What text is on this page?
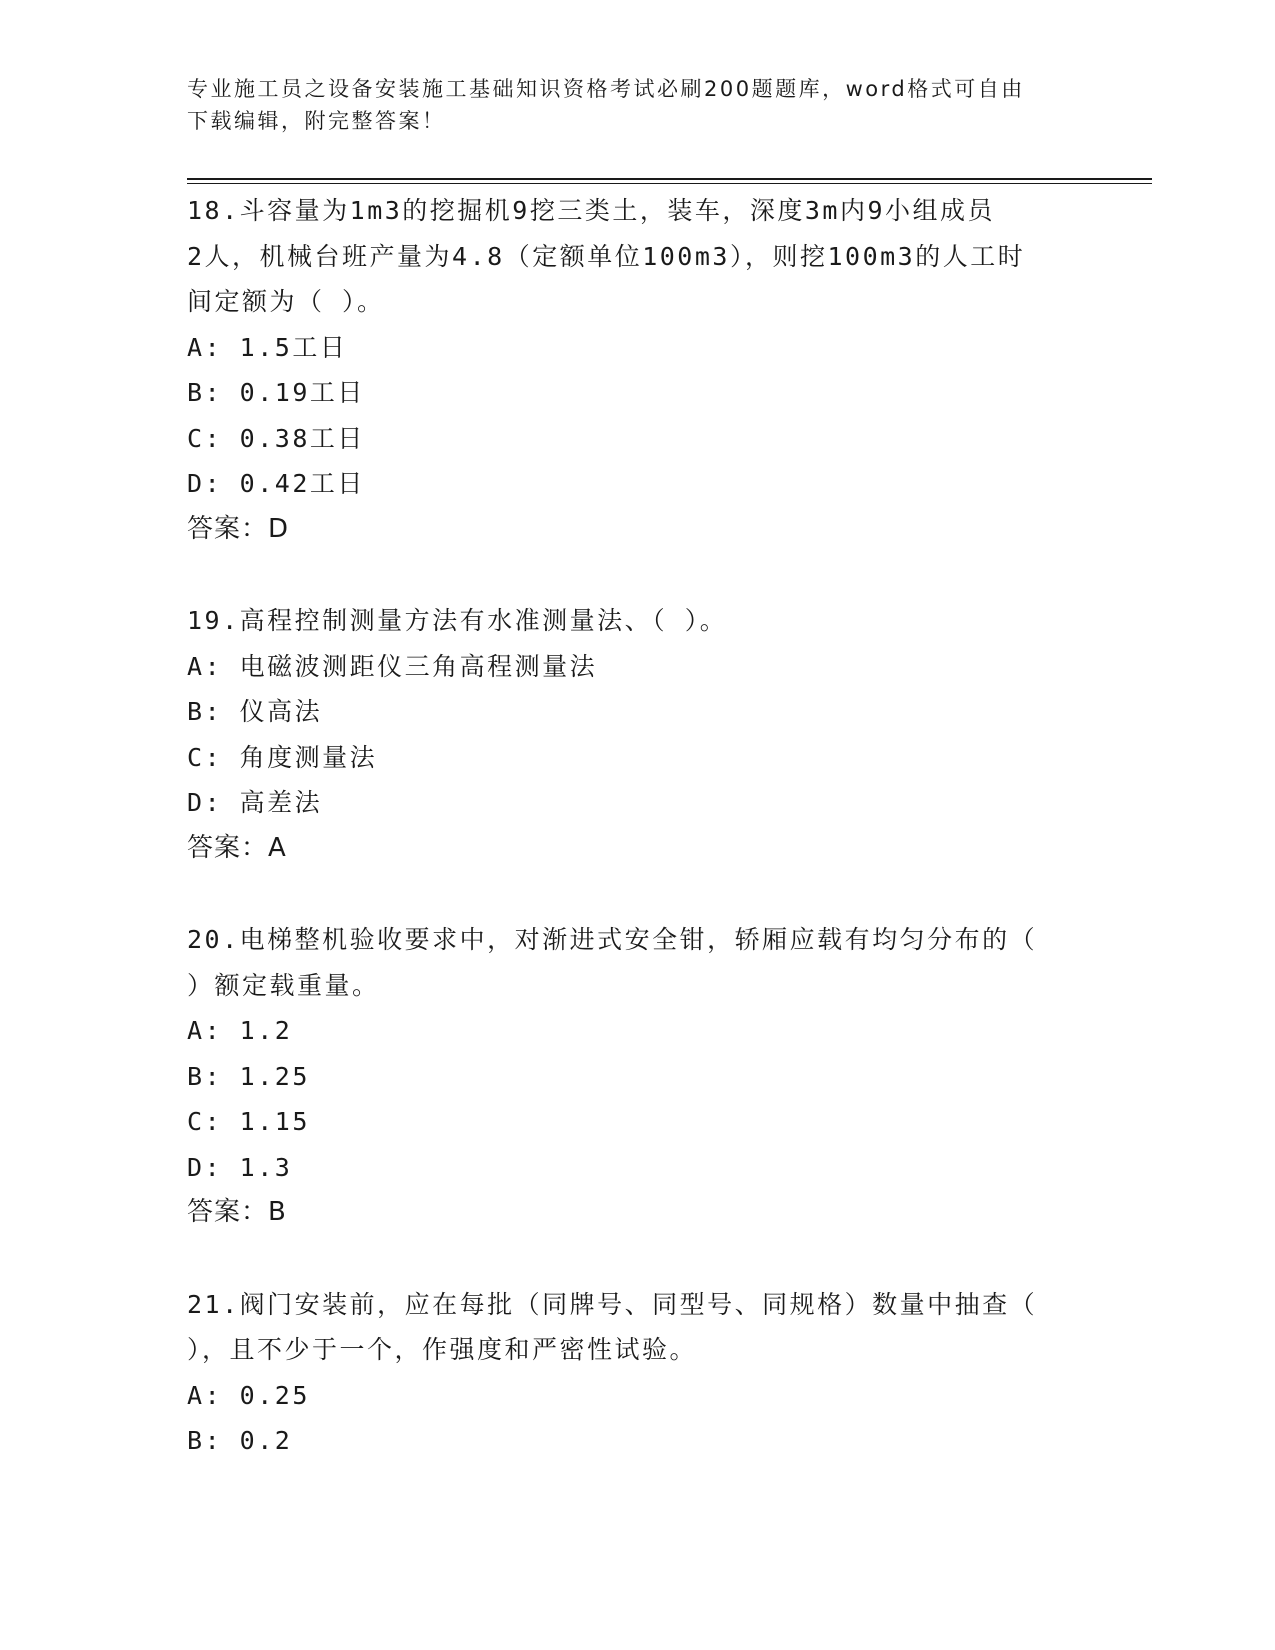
专业施工员之设备安装施工基础知识资格考试必刷200题题库，word格式可自由
下载编辑，附完整答案！

18.斗容量为1m3的挖掘机9挖三类土，装车，深度3m内9小组成员

2人，机械台班产量为4.8（定额单位100m3），则挖100m3的人工时

间定额为（ ）。

A: 1.5工日

B: 0.19工日

C: 0.38工日

D: 0.42工日

答案：D

19.高程控制测量方法有水准测量法、（ ）。

A: 电磁波测距仪三角高程测量法

B: 仪高法

C: 角度测量法

D: 高差法

答案：A

20.电梯整机验收要求中，对渐进式安全钳，轿厢应载有均匀分布的（

）额定载重量。

A: 1.2

B: 1.25

C: 1.15

D: 1.3

答案：B

21.阀门安装前，应在每批（同牌号、同型号、同规格）数量中抽查（

），且不少于一个，作强度和严密性试验。

A: 0.25

B: 0.2
